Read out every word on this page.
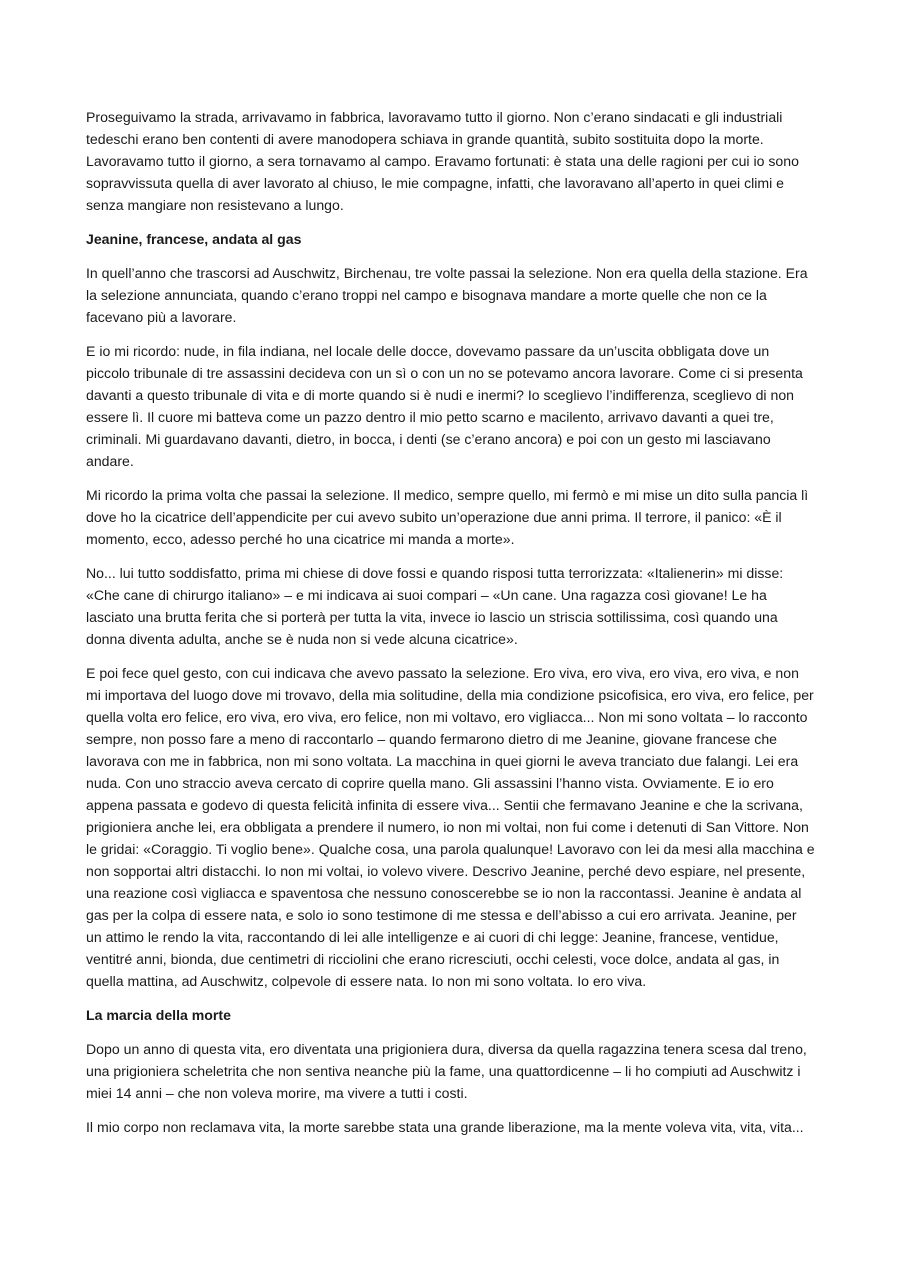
Proseguivamo la strada, arrivavamo in fabbrica, lavoravamo tutto il giorno. Non c’erano sindacati e gli industriali tedeschi erano ben contenti di avere manodopera schiava in grande quantità, subito sostituita dopo la morte. Lavoravamo tutto il giorno, a sera tornavamo al campo. Eravamo fortunati: è stata una delle ragioni per cui io sono sopravvissuta quella di aver lavorato al chiuso, le mie compagne, infatti, che lavoravano all’aperto in quei climi e senza mangiare non resistevano a lungo.

Jeanine, francese, andata al gas

In quell’anno che trascorsi ad Auschwitz, Birchenau, tre volte passai la selezione. Non era quella della stazione. Era la selezione annunciata, quando c’erano troppi nel campo e bisognava mandare a morte quelle che non ce la facevano più a lavorare.

E io mi ricordo: nude, in fila indiana, nel locale delle docce, dovevamo passare da un’uscita obbligata dove un piccolo tribunale di tre assassini decideva con un sì o con un no se potevamo ancora lavorare. Come ci si presenta davanti a questo tribunale di vita e di morte quando si è nudi e inermi? Io sceglievo l’indifferenza, sceglievo di non essere lì. Il cuore mi batteva come un pazzo dentro il mio petto scarno e macilento, arrivavo davanti a quei tre, criminali. Mi guardavano davanti, dietro, in bocca, i denti (se c’erano ancora) e poi con un gesto mi lasciavano andare.

Mi ricordo la prima volta che passai la selezione. Il medico, sempre quello, mi fermò e mi mise un dito sulla pancia lì dove ho la cicatrice dell’appendicite per cui avevo subito un’operazione due anni prima. Il terrore, il panico: «È il momento, ecco, adesso perché ho una cicatrice mi manda a morte».

No... lui tutto soddisfatto, prima mi chiese di dove fossi e quando risposi tutta terrorizzata: «Italienerin» mi disse: «Che cane di chirurgo italiano» – e mi indicava ai suoi compari – «Un cane. Una ragazza così giovane! Le ha lasciato una brutta ferita che si porterà per tutta la vita, invece io lascio un striscia sottilissima, così quando una donna diventa adulta, anche se è nuda non si vede alcuna cicatrice».

E poi fece quel gesto, con cui indicava che avevo passato la selezione. Ero viva, ero viva, ero viva, ero viva, e non mi importava del luogo dove mi trovavo, della mia solitudine, della mia condizione psicofisica, ero viva, ero felice, per quella volta ero felice, ero viva, ero viva, ero felice, non mi voltavo, ero vigliacca... Non mi sono voltata – lo racconto sempre, non posso fare a meno di raccontarlo – quando fermarono dietro di me Jeanine, giovane francese che lavorava con me in fabbrica, non mi sono voltata. La macchina in quei giorni le aveva tranciato due falangi. Lei era nuda. Con uno straccio aveva cercato di coprire quella mano. Gli assassini l’hanno vista. Ovviamente. E io ero appena passata e godevo di questa felicità infinita di essere viva... Sentii che fermavano Jeanine e che la scrivana, prigioniera anche lei, era obbligata a prendere il numero, io non mi voltai, non fui come i detenuti di San Vittore. Non le gridai: «Coraggio. Ti voglio bene». Qualche cosa, una parola qualunque! Lavoravo con lei da mesi alla macchina e non sopportai altri distacchi. Io non mi voltai, io volevo vivere. Descrivo Jeanine, perché devo espiare, nel presente, una reazione così vigliacca e spaventosa che nessuno conoscerebbe se io non la raccontassi. Jeanine è andata al gas per la colpa di essere nata, e solo io sono testimone di me stessa e dell’abisso a cui ero arrivata. Jeanine, per un attimo le rendo la vita, raccontando di lei alle intelligenze e ai cuori di chi legge: Jeanine, francese, ventidue, ventitré anni, bionda, due centimetri di ricciolini che erano ricresciuti, occhi celesti, voce dolce, andata al gas, in quella mattina, ad Auschwitz, colpevole di essere nata. Io non mi sono voltata. Io ero viva.

La marcia della morte

Dopo un anno di questa vita, ero diventata una prigioniera dura, diversa da quella ragazzina tenera scesa dal treno, una prigioniera scheletrita che non sentiva neanche più la fame, una quattordicenne – li ho compiuti ad Auschwitz i miei 14 anni – che non voleva morire, ma vivere a tutti i costi.

Il mio corpo non reclamava vita, la morte sarebbe stata una grande liberazione, ma la mente voleva vita, vita, vita...
